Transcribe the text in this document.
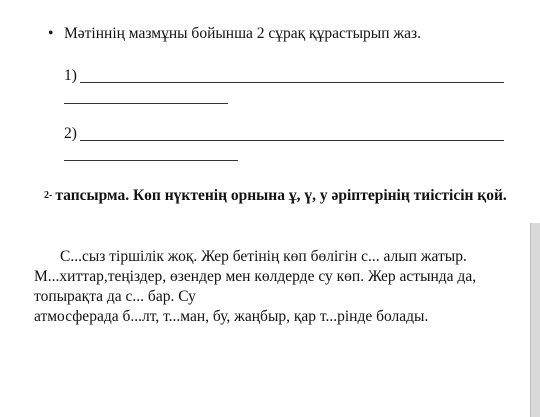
• Мәтіннің мазмұны бойынша 2 сұрақ құрастырып жаз.
1)
2)
2- тапсырма. Көп нүктенің орнына ұ, ү, у әріптерінің тиістісін қой.
С...сыз тіршілік жоқ. Жер бетінің көп бөлігін с... алып жатыр.
М...хиттар,теңіздер, өзендер мен көлдерде су көп. Жер астында да,
топырақта да с... бар. Су
атмосферада б...лт, т...ман, бу, жаңбыр, қар т...рінде болады.
